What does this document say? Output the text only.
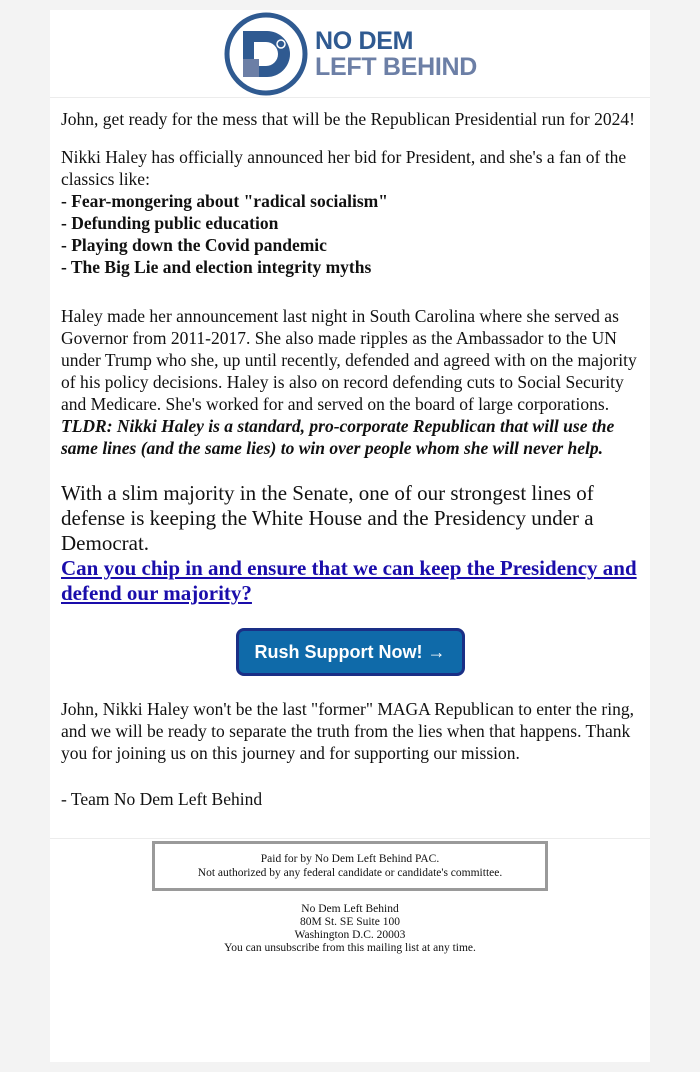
NO DEM
LEFT BEHIND

John, get ready for the mess that will be the Republican Presidential run for 2024!

Nikki Haley has officially announced her bid for President, and she's a fan of the classics like:

- Fear-mongering about "radical socialism"
- Defunding public education
- Playing down the Covid pandemic
- The Big Lie and election integrity myths

Haley made her announcement last night in South Carolina where she served as Governor from 2011-2017. She also made ripples as the Ambassador to the UN under Trump who she, up until recently, defended and agreed with on the majority of his policy decisions. Haley is also on record defending cuts to Social Security and Medicare. She's worked for and served on the board of large corporations.

TLDR: Nikki Haley is a standard, pro-corporate Republican that will use the same lines (and the same lies) to win over people whom she will never help.

With a slim majority in the Senate, one of our strongest lines of defense is keeping the White House and the Presidency under a Democrat.

Can you chip in and ensure that we can keep the Presidency and defend our majority?
Rush Support Now! →

John, Nikki Haley won't be the last "former" MAGA Republican to enter the ring, and we will be ready to separate the truth from the lies when that happens. Thank you for joining us on this journey and for supporting our mission.

- Team No Dem Left Behind

Paid for by No Dem Left Behind PAC.
Not authorized by any federal candidate or candidate's committee.
No Dem Left Behind
80M St. SE Suite 100
Washington D.C. 20003
You can unsubscribe from this mailing list at any time.
